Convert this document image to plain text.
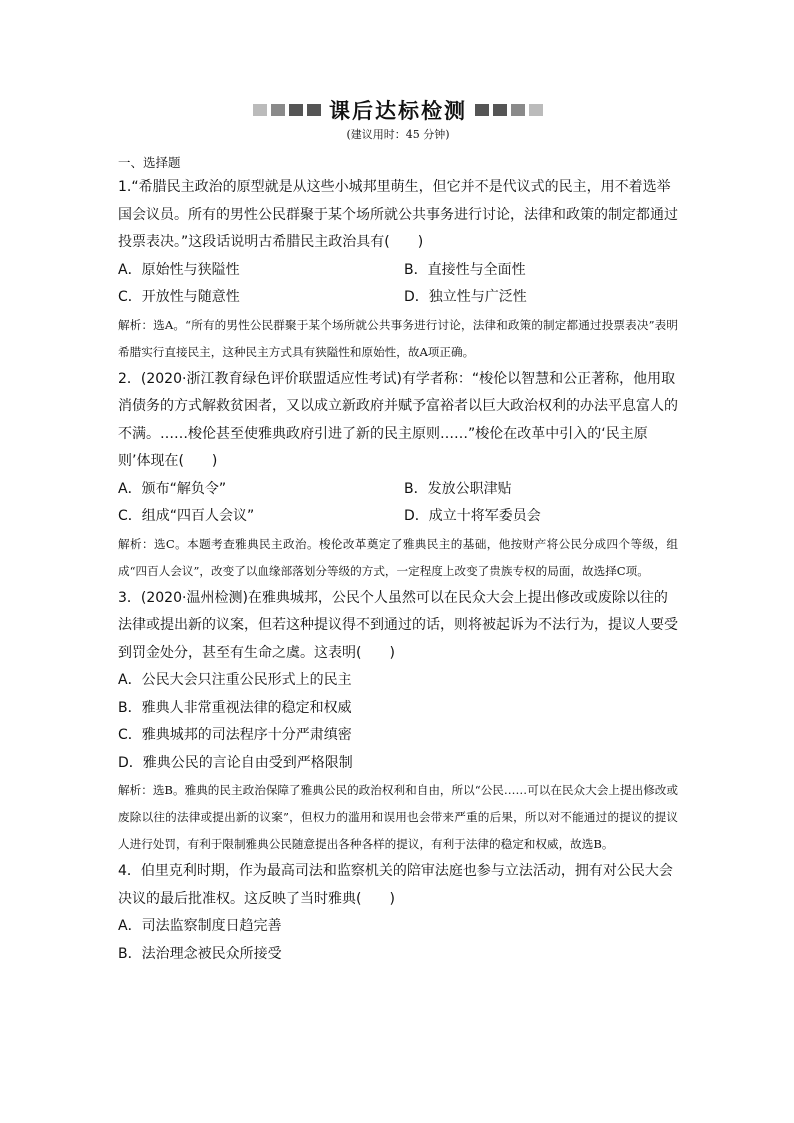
课后达标检测
(建议用时：45 分钟)
一、选择题
1.“希腊民主政治的原型就是从这些小城邦里萌生，但它并不是代议式的民主，用不着选举国会议员。所有的男性公民群聚于某个场所就公共事务进行讨论，法律和政策的制定都通过投票表决。”这段话说明古希腊民主政治具有(　　)
A．原始性与狭隘性	B．直接性与全面性
C．开放性与随意性	D．独立性与广泛性
解析：选A。“所有的男性公民群聚于某个场所就公共事务进行讨论，法律和政策的制定都通过投票表决”表明希腊实行直接民主，这种民主方式具有狭隘性和原始性，故A项正确。
2．(2020·浙江教育绿色评价联盟适应性考试)有学者称：“梭伦以智慧和公正著称，他用取消债务的方式解救贫困者，又以成立新政府并赋予富裕者以巨大政治权利的办法平息富人的不满。……梭伦甚至使雅典政府引进了新的民主原则……”梭伦在改革中引入的‘民主原则’体现在(　　)
A．颁布“解负令”	B．发放公职津贴
C．组成“四百人会议”	D．成立十将军委员会
解析：选C。本题考查雅典民主政治。梭伦改革奠定了雅典民主的基础，他按财产将公民分成四个等级，组成“四百人会议”，改变了以血缘部落划分等级的方式，一定程度上改变了贵族专权的局面，故选择C项。
3．(2020·温州检测)在雅典城邦，公民个人虽然可以在民众大会上提出修改或废除以往的法律或提出新的议案，但若这种提议得不到通过的话，则将被起诉为不法行为，提议人要受到罚金处分，甚至有生命之虞。这表明(　　)
A．公民大会只注重公民形式上的民主
B．雅典人非常重视法律的稳定和权威
C．雅典城邦的司法程序十分严肃缜密
D．雅典公民的言论自由受到严格限制
解析：选B。雅典的民主政治保障了雅典公民的政治权利和自由，所以“公民……可以在民众大会上提出修改或废除以往的法律或提出新的议案”，但权力的滥用和误用也会带来严重的后果，所以对不能通过的提议的提议人进行处罚，有利于限制雅典公民随意提出各种各样的提议，有利于法律的稳定和权威，故选B。
4．伯里克利时期，作为最高司法和监察机关的陪审法庭也参与立法活动，拥有对公民大会决议的最后批准权。这反映了当时雅典(　　)
A．司法监察制度日趋完善
B．法治理念被民众所接受
